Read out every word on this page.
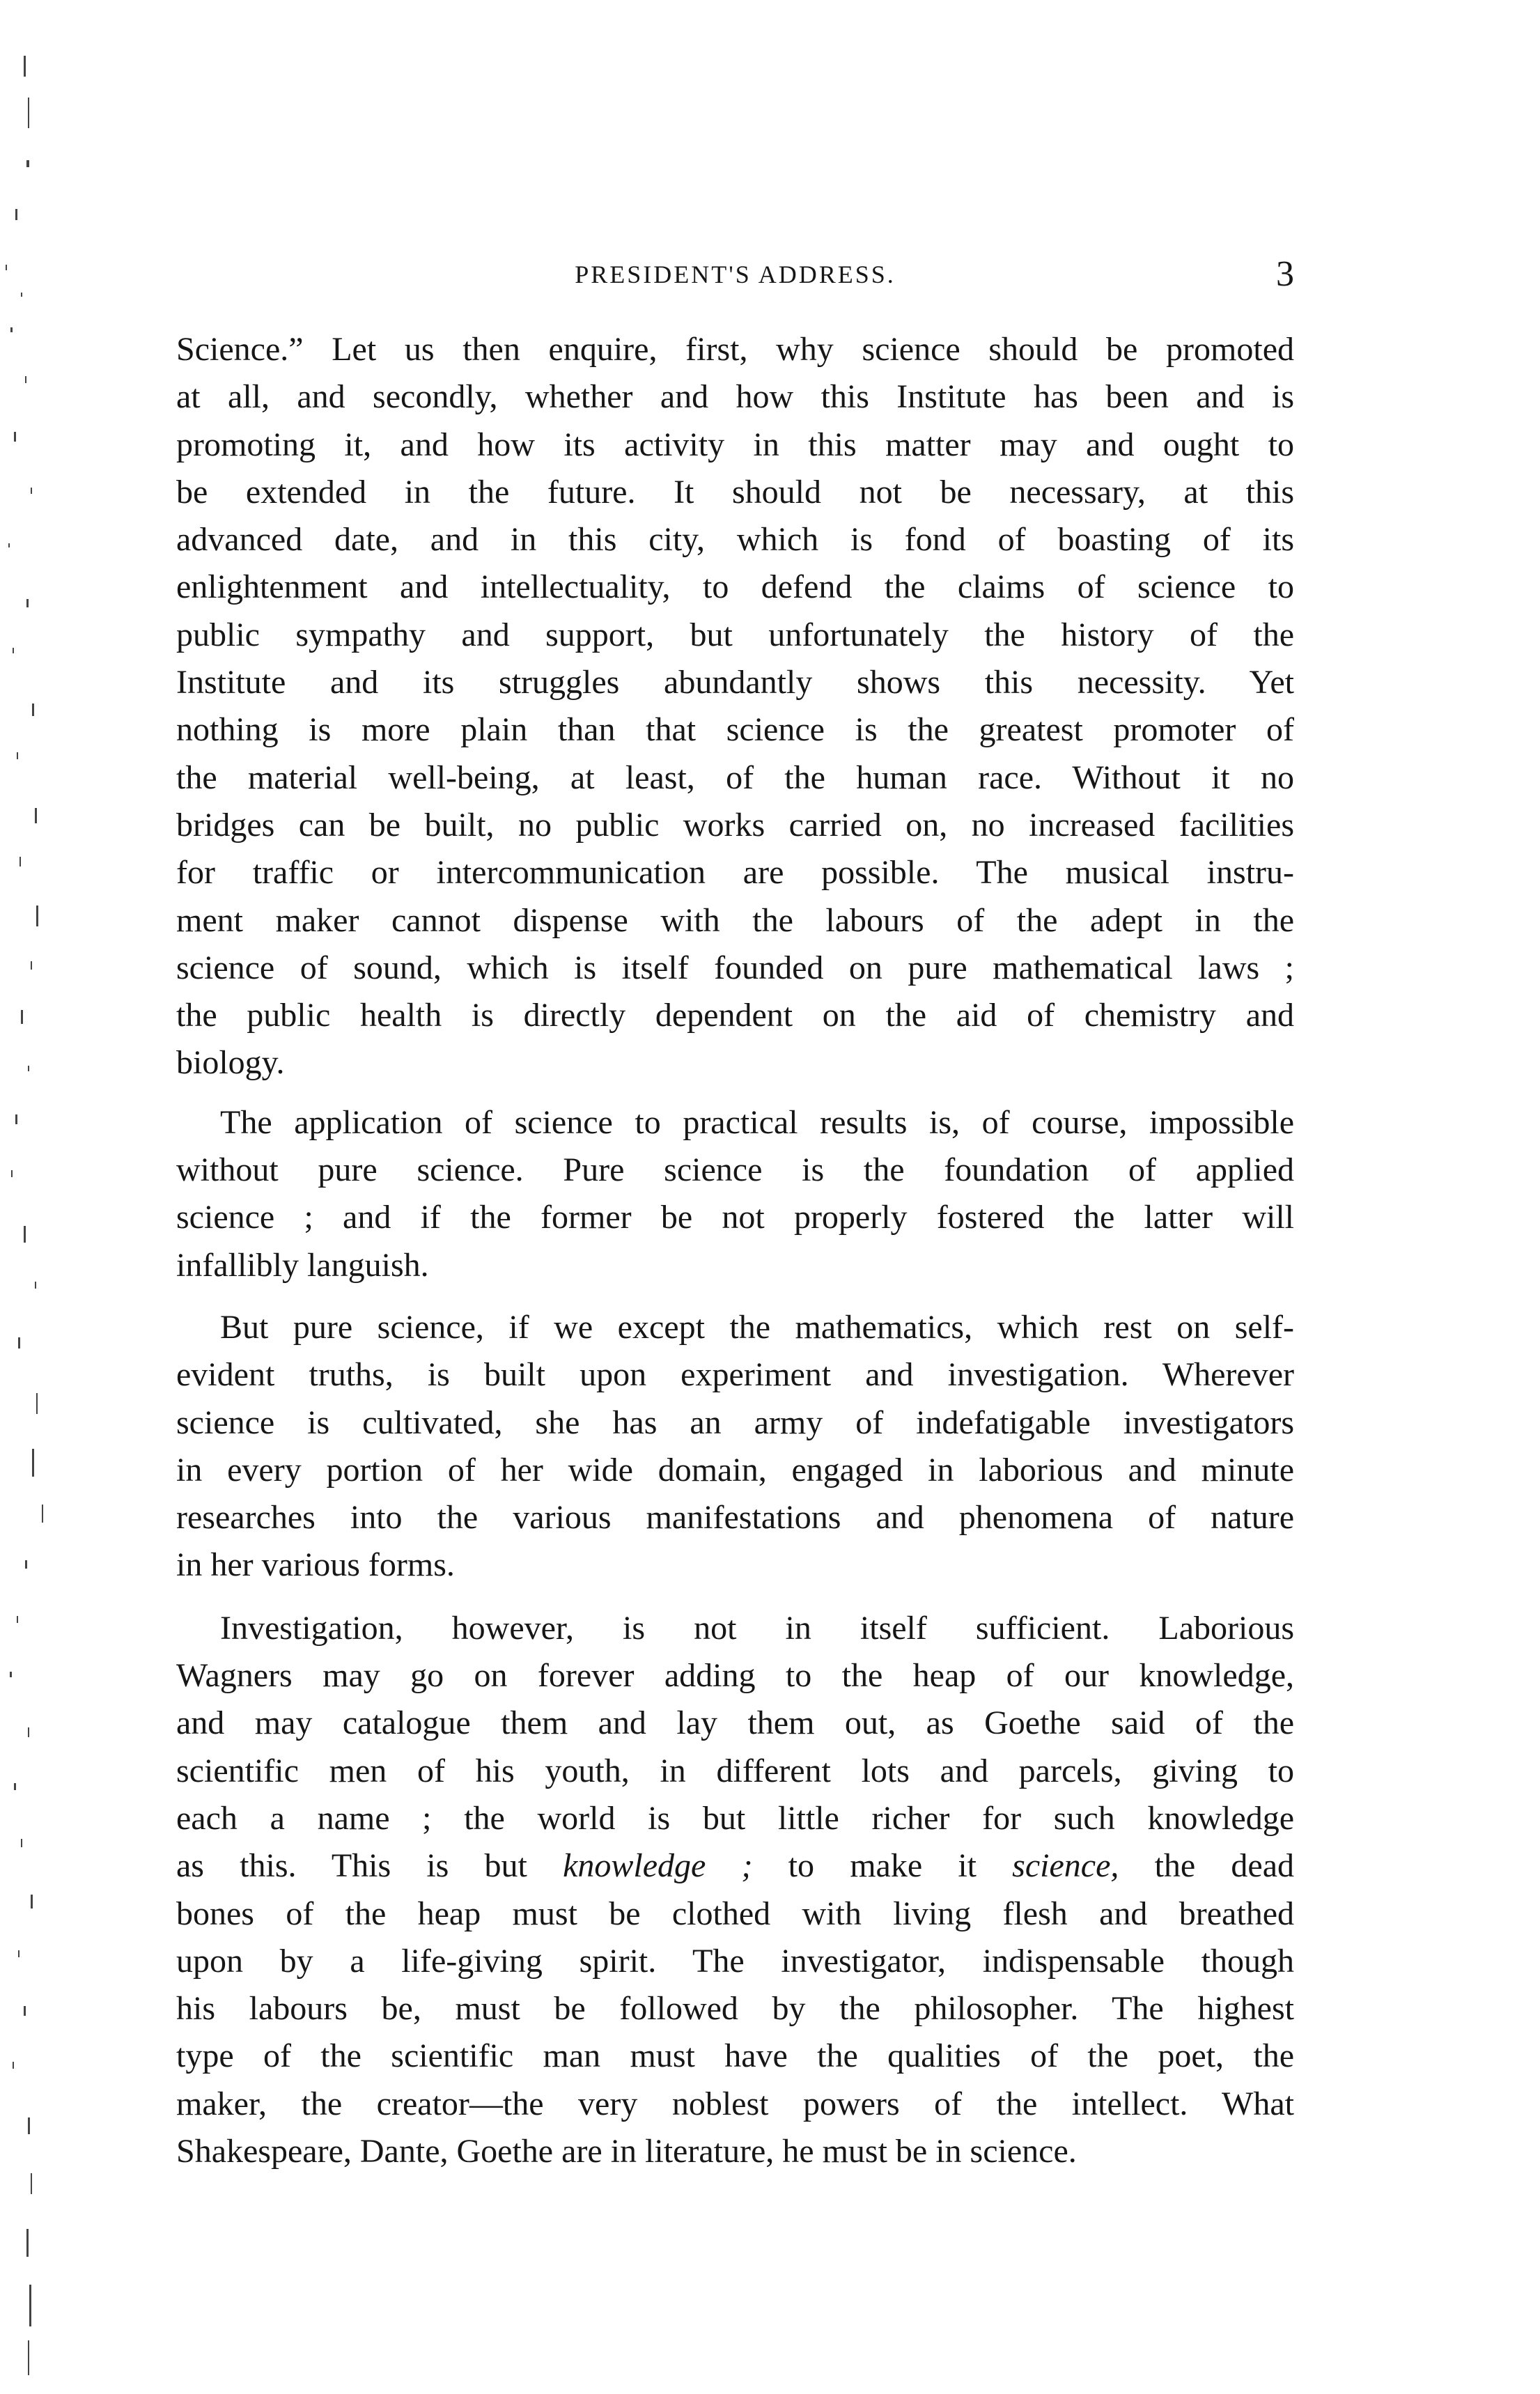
PRESIDENT'S ADDRESS.	3

Science.” Let us then enquire, first, why science should be promoted
at all, and secondly, whether and how this Institute has been and is
promoting it, and how its activity in this matter may and ought to
be extended in the future. It should not be necessary, at this
advanced date, and in this city, which is fond of boasting of its
enlightenment and intellectuality, to defend the claims of science to
public sympathy and support, but unfortunately the history of the
Institute and its struggles abundantly shows this necessity. Yet
nothing is more plain than that science is the greatest promoter of
the material well-being, at least, of the human race. Without it no
bridges can be built, no public works carried on, no increased facilities
for traffic or intercommunication are possible. The musical instru-
ment maker cannot dispense with the labours of the adept in the
science of sound, which is itself founded on pure mathematical laws ;
the public health is directly dependent on the aid of chemistry and
biology.

The application of science to practical results is, of course, impossible
without pure science. Pure science is the foundation of applied
science ; and if the former be not properly fostered the latter will
infallibly languish.

But pure science, if we except the mathematics, which rest on self-
evident truths, is built upon experiment and investigation. Wherever
science is cultivated, she has an army of indefatigable investigators
in every portion of her wide domain, engaged in laborious and minute
researches into the various manifestations and phenomena of nature
in her various forms.

Investigation, however, is not in itself sufficient. Laborious
Wagners may go on forever adding to the heap of our knowledge,
and may catalogue them and lay them out, as Goethe said of the
scientific men of his youth, in different lots and parcels, giving to
each a name ; the world is but little richer for such knowledge
as this. This is but knowledge ; to make it science, the dead
bones of the heap must be clothed with living flesh and breathed
upon by a life-giving spirit. The investigator, indispensable though
his labours be, must be followed by the philosopher. The highest
type of the scientific man must have the qualities of the poet, the
maker, the creator—the very noblest powers of the intellect. What
Shakespeare, Dante, Goethe are in literature, he must be in science.
